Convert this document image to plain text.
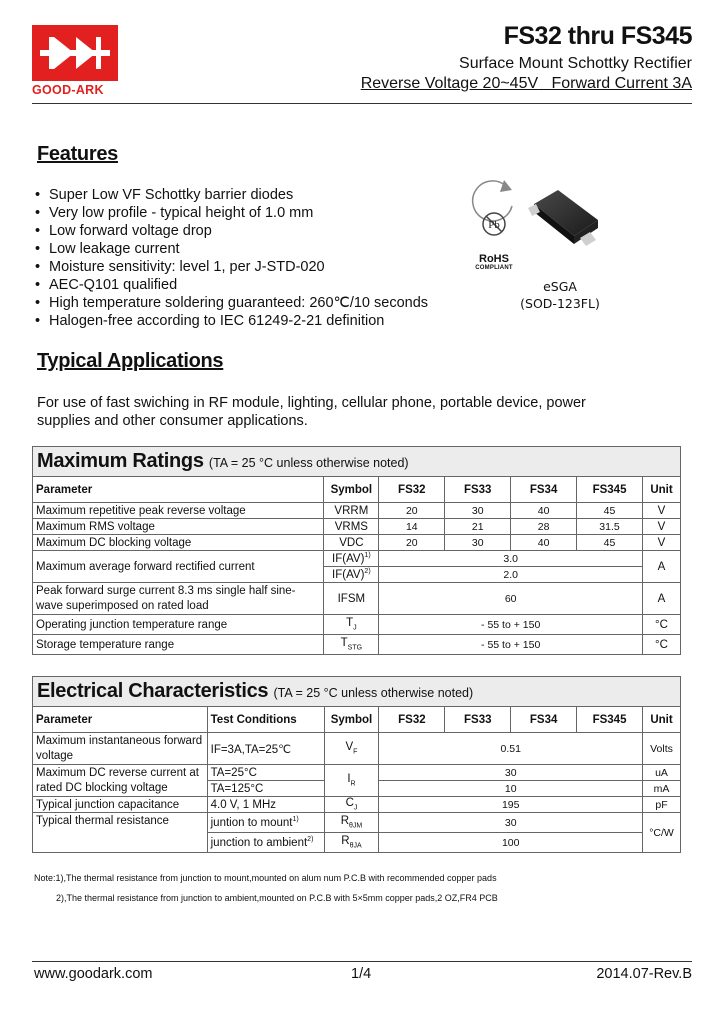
GOOD-ARK
FS32 thru FS345
Surface Mount Schottky Rectifier
Reverse Voltage 20~45V Forward Current 3A
Features
• Super Low VF Schottky barrier diodes
• Very low profile - typical height of 1.0 mm
• Low forward voltage drop
• Low leakage current
• Moisture sensitivity: level 1, per J-STD-020
• AEC-Q101 qualified
• High temperature soldering guaranteed: 260℃/10 seconds
• Halogen-free according to IEC 61249-2-21 definition
Pb
RoHS
COMPLIANT
eSGA
(SOD-123FL)
Typical Applications
For use of fast swiching in RF module, lighting, cellular phone, portable device, power supplies and other consumer applications.
Maximum Ratings (TA = 25 °C unless otherwise noted)						
Parameter	Symbol	FS32	FS33	FS34	FS345	Unit
Maximum repetitive peak reverse voltage	VRRM	20	30	40	45	V
Maximum RMS voltage	VRMS	14	21	28	31.5	V
Maximum DC blocking voltage	VDC	20	30	40	45	V
Maximum average forward rectified current	IF(AV)$^{1)}$	3.0				A
	IF(AV)$^{2)}$	2.0				
Peak forward surge current 8.3 ms single half sine-wave superimposed on rated load	IFSM	60				A
Operating junction temperature range	$T_J$	- 55 to + 150				°C
Storage temperature range	$T_{STG}$	- 55 to + 150				°C
Electrical Characteristics (TA = 25 °C unless otherwise noted)							
Parameter	Test Conditions	Symbol	FS32	FS33	FS34	FS345	Unit
Maximum instantaneous forward voltage	IF=3A,TA=25℃	$V_F$	0.51				Volts
Maximum DC reverse current at rated DC blocking voltage	TA=25°C	$I_R$	30				uA
	TA=125°C		10				mA
Typical junction capacitance	4.0 V, 1 MHz	$C_J$	195				pF
Typical thermal resistance	juntion to mount$^{1)}$	$R_{\theta JM}$	30				°C/W
	junction to ambient$^{2)}$	$R_{\theta JA}$	100				
Note:1),The thermal resistance from junction to mount,mounted on alum num P.C.B with recommended copper pads
2),The thermal resistance from junction to ambient,mounted on P.C.B with 5×5mm copper pads,2 OZ,FR4 PCB
www.goodark.com	1/4	2014.07-Rev.B
